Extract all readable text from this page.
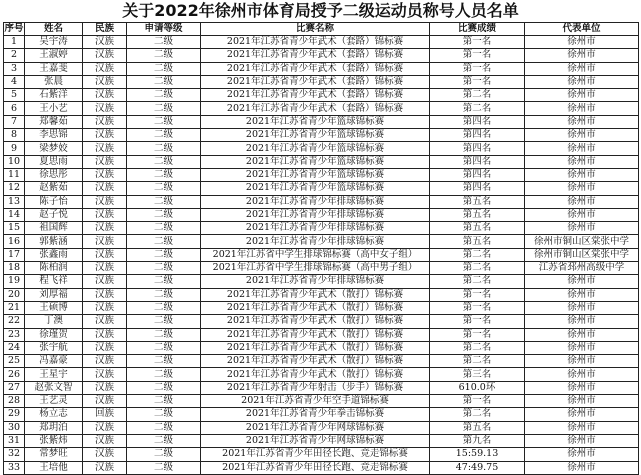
关于2022年徐州市体育局授予二级运动员称号人员名单
序号	姓名	民族	申请等级	比赛名称	比赛成绩	代表单位
1	吴宇涛	汉族	二级	2021年江苏省青少年武术（套路）锦标赛	第一名	徐州市
2	王淑婷	汉族	二级	2021年江苏省青少年武术（套路）锦标赛	第一名	徐州市
3	王嘉斐	汉族	二级	2021年江苏省青少年武术（套路）锦标赛	第一名	徐州市
4	张晨	汉族	二级	2021年江苏省青少年武术（套路）锦标赛	第一名	徐州市
5	石紫洋	汉族	二级	2021年江苏省青少年武术（套路）锦标赛	第二名	徐州市
6	王小艺	汉族	二级	2021年江苏省青少年武术（套路）锦标赛	第二名	徐州市
7	郑馨茹	汉族	二级	2021年江苏省青少年篮球锦标赛	第四名	徐州市
8	李思锦	汉族	二级	2021年江苏省青少年篮球锦标赛	第四名	徐州市
9	梁梦姣	汉族	二级	2021年江苏省青少年篮球锦标赛	第四名	徐州市
10	夏思雨	汉族	二级	2021年江苏省青少年篮球锦标赛	第四名	徐州市
11	徐思彤	汉族	二级	2021年江苏省青少年篮球锦标赛	第四名	徐州市
12	赵紫茹	汉族	二级	2021年江苏省青少年篮球锦标赛	第四名	徐州市
13	陈子怡	汉族	二级	2021年江苏省青少年排球锦标赛	第五名	徐州市
14	赵子悦	汉族	二级	2021年江苏省青少年排球锦标赛	第五名	徐州市
15	祖国辉	汉族	二级	2021年江苏省青少年排球锦标赛	第五名	徐州市
16	郭紫涵	汉族	二级	2021年江苏省青少年排球锦标赛	第五名	徐州市铜山区棠张中学
17	张鑫雨	汉族	二级	2021年江苏省中学生排球锦标赛（高中女子组）	第二名	徐州市铜山区棠张中学
18	陈柏润	汉族	二级	2021年江苏省中学生排球锦标赛（高中男子组）	第二名	江苏省邳州高级中学
19	程飞祥	汉族	二级	2021年江苏省青少年排球锦标赛	第二名	徐州市
20	刘厚福	汉族	二级	2021年江苏省青少年武术（散打）锦标赛	第一名	徐州市
21	王硕博	汉族	二级	2021年江苏省青少年武术（散打）锦标赛	第一名	徐州市
22	丁澳	汉族	二级	2021年江苏省青少年武术（散打）锦标赛	第一名	徐州市
23	徐瑾贺	汉族	二级	2021年江苏省青少年武术（散打）锦标赛	第一名	徐州市
24	张宇航	汉族	二级	2021年江苏省青少年武术（散打）锦标赛	第二名	徐州市
25	冯嘉豪	汉族	二级	2021年江苏省青少年武术（散打）锦标赛	第二名	徐州市
26	王星宇	汉族	二级	2021年江苏省青少年武术（散打）锦标赛	第三名	徐州市
27	赵张文智	汉族	二级	2021年江苏省青少年射击（步手）锦标赛	610.0环	徐州市
28	王艺灵	汉族	二级	2021年江苏省青少年空手道锦标赛	第一名	徐州市
29	杨立志	回族	二级	2021年江苏省青少年拳击锦标赛	第二名	徐州市
30	郑玥泊	汉族	二级	2021年江苏省青少年网球锦标赛	第五名	徐州市
31	张紫炜	汉族	二级	2021年江苏省青少年网球锦标赛	第九名	徐州市
32	常梦旺	汉族	二级	2021年江苏省青少年田径长跑、竞走锦标赛	15:59.13	徐州市
33	王培他	汉族	二级	2021年江苏省青少年田径长跑、竞走锦标赛	47:49.75	徐州市
